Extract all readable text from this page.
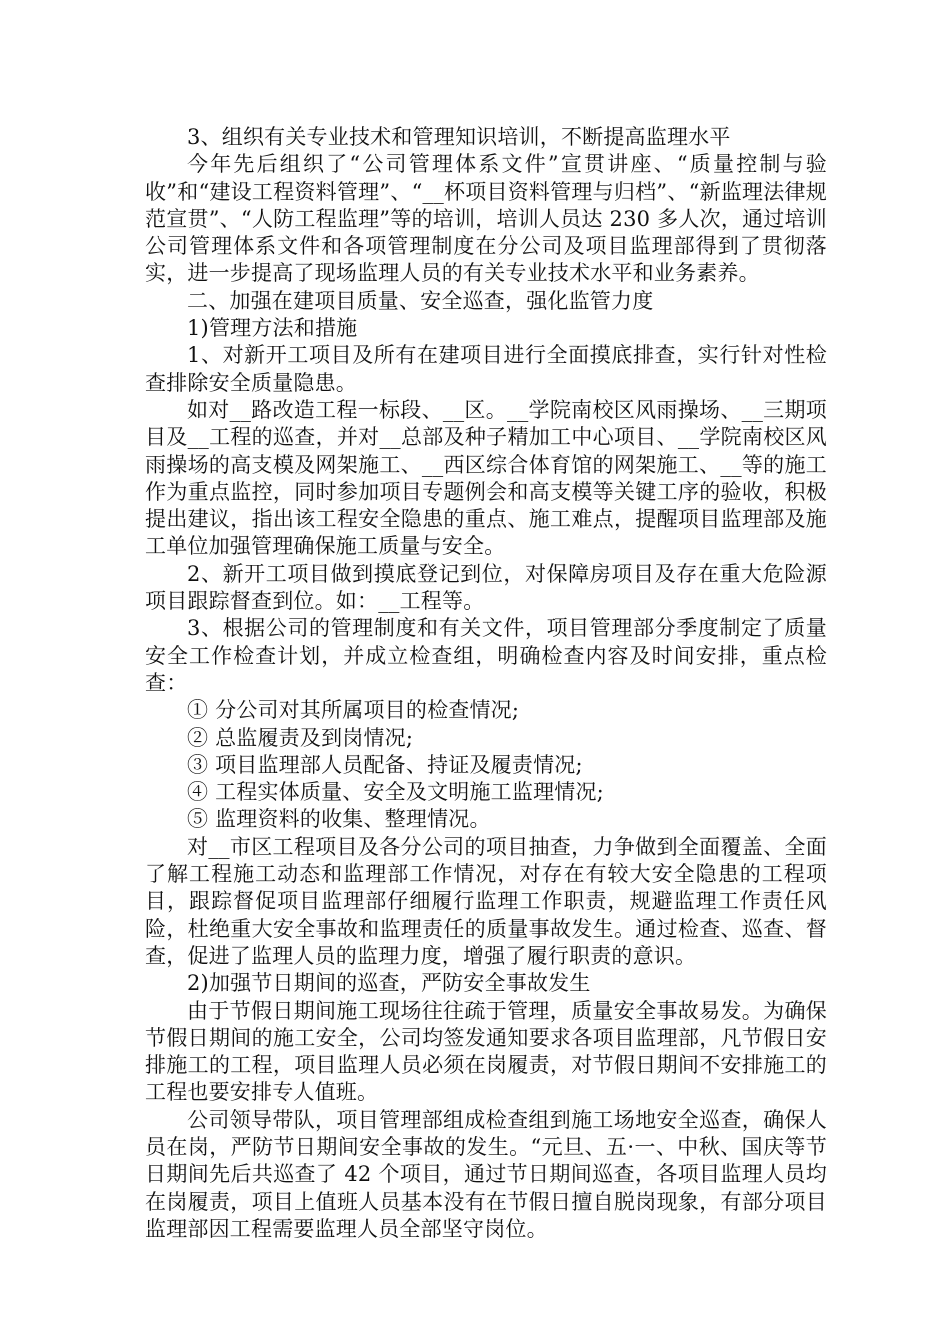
3、组织有关专业技术和管理知识培训，不断提高监理水平

今年先后组织了“公司管理体系文件”宣贯讲座、“质量控制与验收”和“建设工程资料管理”、“__杯项目资料管理与归档”、“新监理法律规范宣贯”、“人防工程监理”等的培训，培训人员达 230 多人次，通过培训公司管理体系文件和各项管理制度在分公司及项目监理部得到了贯彻落实，进一步提高了现场监理人员的有关专业技术水平和业务素养。

二、加强在建项目质量、安全巡查，强化监管力度

1)管理方法和措施

1、对新开工项目及所有在建项目进行全面摸底排查，实行针对性检查排除安全质量隐患。

如对__路改造工程一标段、__区。__学院南校区风雨操场、__三期项目及__工程的巡查，并对__总部及种子精加工中心项目、__学院南校区风雨操场的高支模及网架施工、__西区综合体育馆的网架施工、__等的施工作为重点监控，同时参加项目专题例会和高支模等关键工序的验收，积极提出建议，指出该工程安全隐患的重点、施工难点，提醒项目监理部及施工单位加强管理确保施工质量与安全。

2、新开工项目做到摸底登记到位，对保障房项目及存在重大危险源项目跟踪督查到位。如：__工程等。

3、根据公司的管理制度和有关文件，项目管理部分季度制定了质量安全工作检查计划，并成立检查组，明确检查内容及时间安排，重点检查：

① 分公司对其所属项目的检查情况;

② 总监履责及到岗情况;

③ 项目监理部人员配备、持证及履责情况;

④ 工程实体质量、安全及文明施工监理情况;

⑤ 监理资料的收集、整理情况。

对__市区工程项目及各分公司的项目抽查，力争做到全面覆盖、全面了解工程施工动态和监理部工作情况，对存在有较大安全隐患的工程项目，跟踪督促项目监理部仔细履行监理工作职责，规避监理工作责任风险，杜绝重大安全事故和监理责任的质量事故发生。通过检查、巡查、督查，促进了监理人员的监理力度，增强了履行职责的意识。

2)加强节日期间的巡查，严防安全事故发生

由于节假日期间施工现场往往疏于管理，质量安全事故易发。为确保节假日期间的施工安全，公司均签发通知要求各项目监理部，凡节假日安排施工的工程，项目监理人员必须在岗履责，对节假日期间不安排施工的工程也要安排专人值班。

公司领导带队，项目管理部组成检查组到施工场地安全巡查，确保人员在岗，严防节日期间安全事故的发生。“元旦、五·一、中秋、国庆等节日期间先后共巡查了 42 个项目，通过节日期间巡查，各项目监理人员均在岗履责，项目上值班人员基本没有在节假日擅自脱岗现象，有部分项目监理部因工程需要监理人员全部坚守岗位。
